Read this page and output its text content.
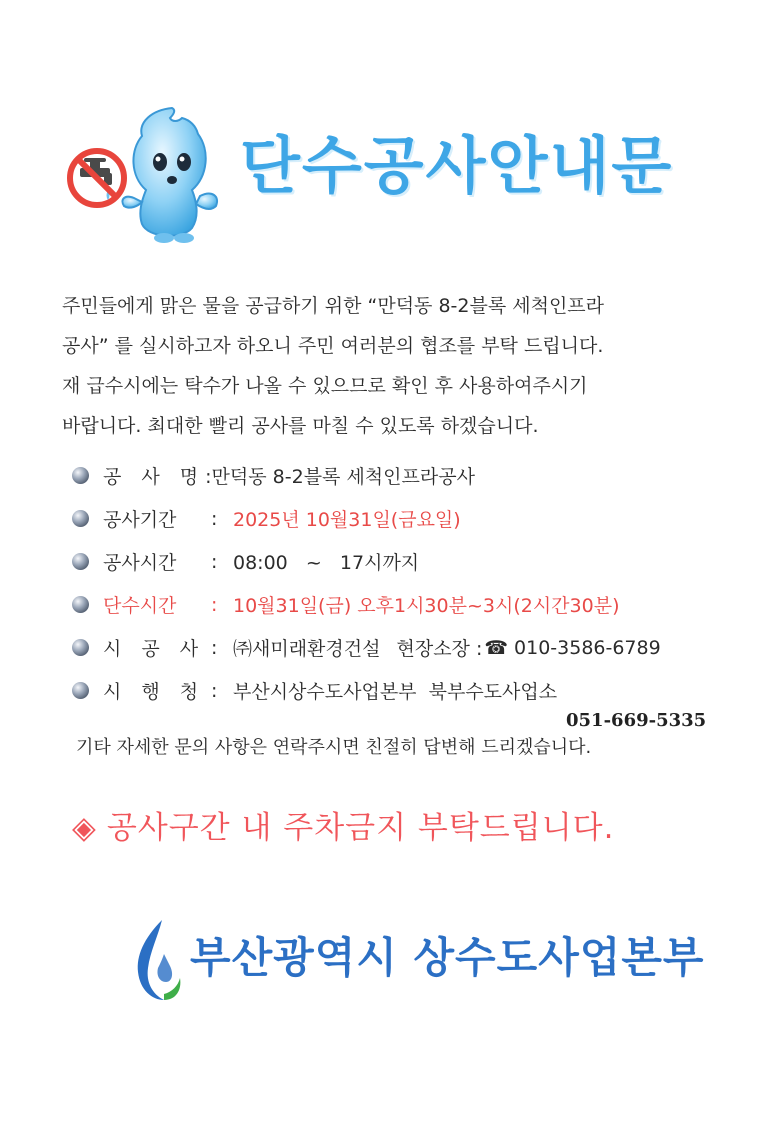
단수공사안내문
주민들에게 맑은 물을 공급하기 위한 “만덕동 8-2블록 세척인프라
공사” 를 실시하고자 하오니 주민 여러분의 협조를 부탁 드립니다.
재 급수시에는 탁수가 나올 수 있으므로 확인 후 사용하여주시기
바랍니다. 최대한 빨리 공사를 마칠 수 있도록 하겠습니다.
공 사 명 :만덕동 8-2블록 세척인프라공사
공사기간	: 2025년 10월31일(금요일)
공사시간	: 08:00   ~   17시까지
단수시간	: 10월31일(금) 오후1시30분~3시(2시간30분)
시 공 사 : ㈜새미래환경건설 현장소장 : ☎ 010-3586-6789
시 행 청 : 부산시상수도사업본부  북부수도사업소
051-669-5335
기타 자세한 문의 사항은 연락주시면 친절히 답변해 드리겠습니다.
◈ 공사구간 내 주차금지 부탁드립니다.
부산광역시 상수도사업본부
